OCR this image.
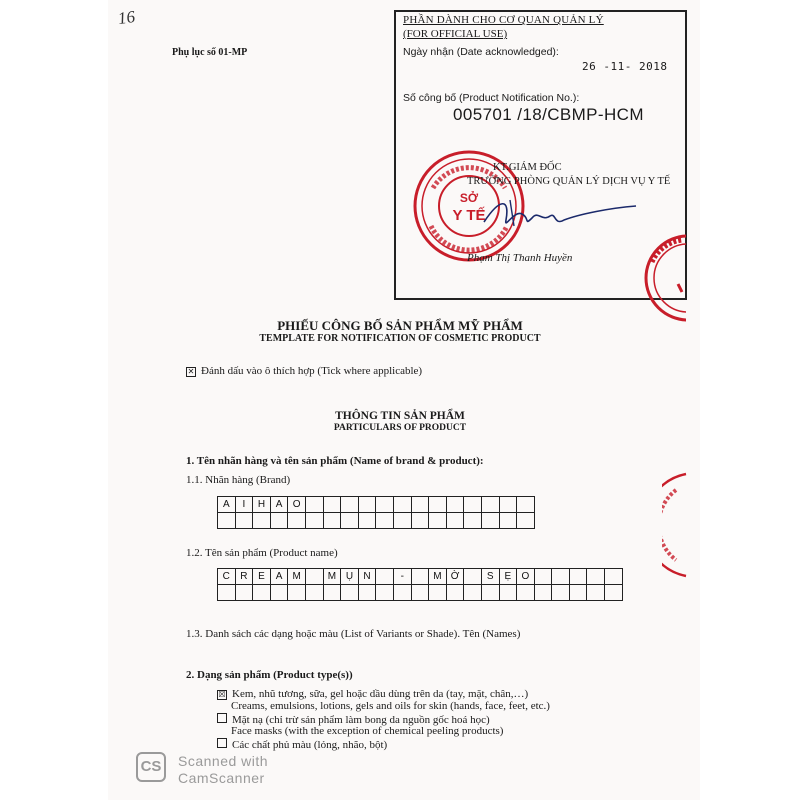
16
Phụ lục số 01-MP
PHẦN DÀNH CHO CƠ QUAN QUẢN LÝ
(FOR OFFICIAL USE)
Ngày nhận (Date acknowledged):
26 -11- 2018
Số công bố (Product Notification No.):
005701 /18/CBMP-HCM
SỞ
Y TẾ
KT.GIÁM ĐỐC
TRƯỞNG PHÒNG QUẢN LÝ DỊCH VỤ Y TẾ
Phạm Thị Thanh Huyền
PHIẾU CÔNG BỐ SẢN PHẨM MỸ PHẨM
TEMPLATE FOR NOTIFICATION OF COSMETIC PRODUCT
✕ Đánh dấu vào ô thích hợp (Tick where applicable)
THÔNG TIN SẢN PHẨM
PARTICULARS OF PRODUCT
1. Tên nhãn hàng và tên sản phẩm (Name of brand & product):
1.1. Nhãn hàng (Brand)
A	I	H	A	O													

1.2. Tên sản phẩm (Product name)
C	R	E	A	M		M	Ụ	N		-		M	Ờ		S	Ẹ	O					

1.3. Danh sách các dạng hoặc màu (List of Variants or Shade). Tên (Names)
2. Dạng sản phẩm (Product type(s))
☒ Kem, nhũ tương, sữa, gel hoặc dầu dùng trên da (tay, mặt, chân,…)
Creams, emulsions, lotions, gels and oils for skin (hands, face, feet, etc.)
Mặt nạ (chỉ trừ sản phẩm làm bong da nguồn gốc hoá học)
Face masks (with the exception of chemical peeling products)
Các chất phủ màu (lỏng, nhão, bột)
CS	Scanned with
CamScanner
